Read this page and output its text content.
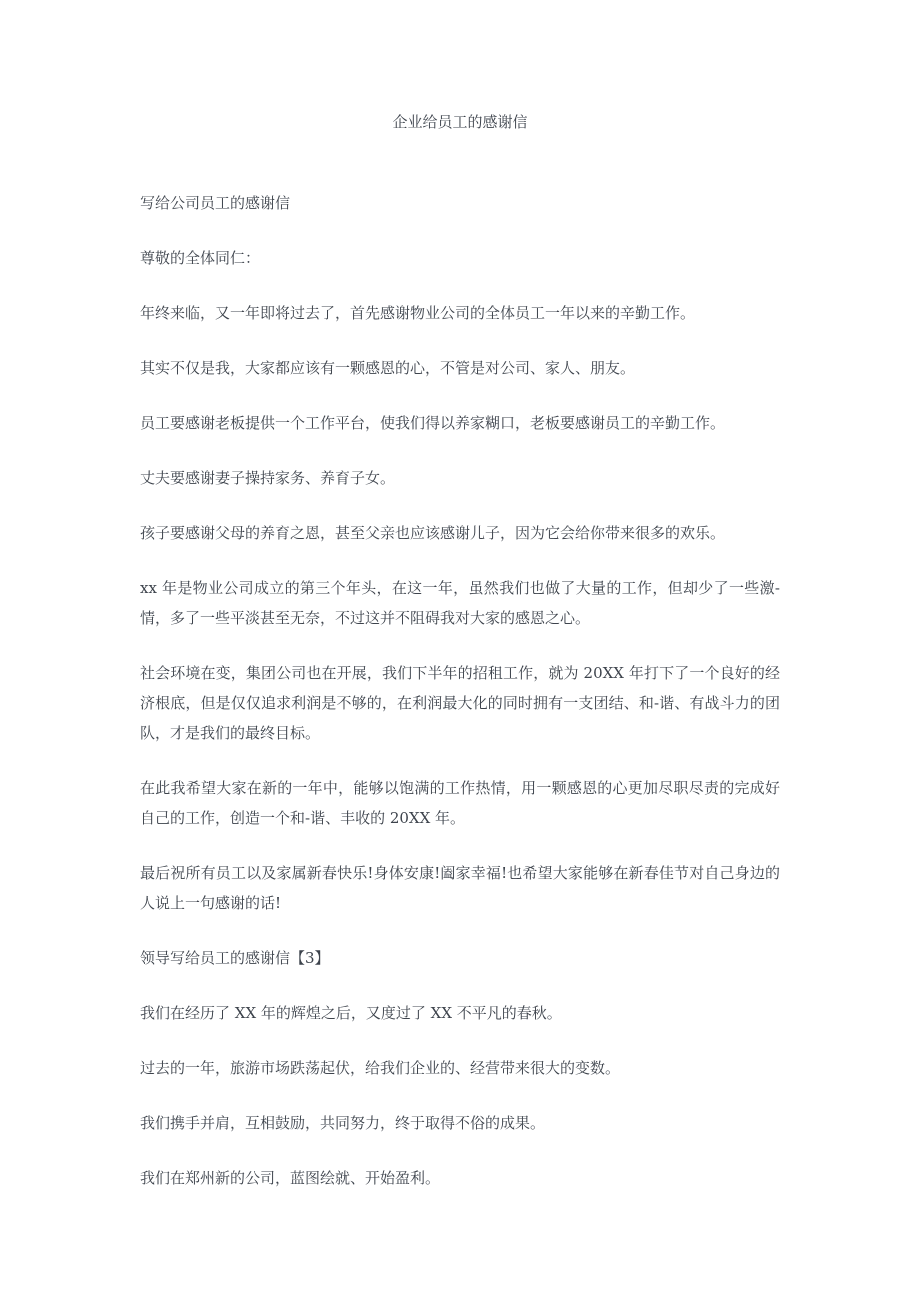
企业给员工的感谢信

写给公司员工的感谢信

尊敬的全体同仁：

年终来临，又一年即将过去了，首先感谢物业公司的全体员工一年以来的辛勤工作。

其实不仅是我，大家都应该有一颗感恩的心，不管是对公司、家人、朋友。

员工要感谢老板提供一个工作平台，使我们得以养家糊口，老板要感谢员工的辛勤工作。

丈夫要感谢妻子操持家务、养育子女。

孩子要感谢父母的养育之恩，甚至父亲也应该感谢儿子，因为它会给你带来很多的欢乐。

xx 年是物业公司成立的第三个年头，在这一年，虽然我们也做了大量的工作，但却少了一些激-情，多了一些平淡甚至无奈，不过这并不阻碍我对大家的感恩之心。

社会环境在变，集团公司也在开展，我们下半年的招租工作，就为 20XX 年打下了一个良好的经济根底，但是仅仅追求利润是不够的，在利润最大化的同时拥有一支团结、和-谐、有战斗力的团队，才是我们的最终目标。

在此我希望大家在新的一年中，能够以饱满的工作热情，用一颗感恩的心更加尽职尽责的完成好自己的工作，创造一个和-谐、丰收的 20XX 年。

最后祝所有员工以及家属新春快乐!身体安康!阖家幸福!也希望大家能够在新春佳节对自己身边的人说上一句感谢的话!

领导写给员工的感谢信【3】

我们在经历了 XX 年的辉煌之后，又度过了 XX 不平凡的春秋。

过去的一年，旅游市场跌荡起伏，给我们企业的、经营带来很大的变数。

我们携手并肩，互相鼓励，共同努力，终于取得不俗的成果。

我们在郑州新的公司，蓝图绘就、开始盈利。
